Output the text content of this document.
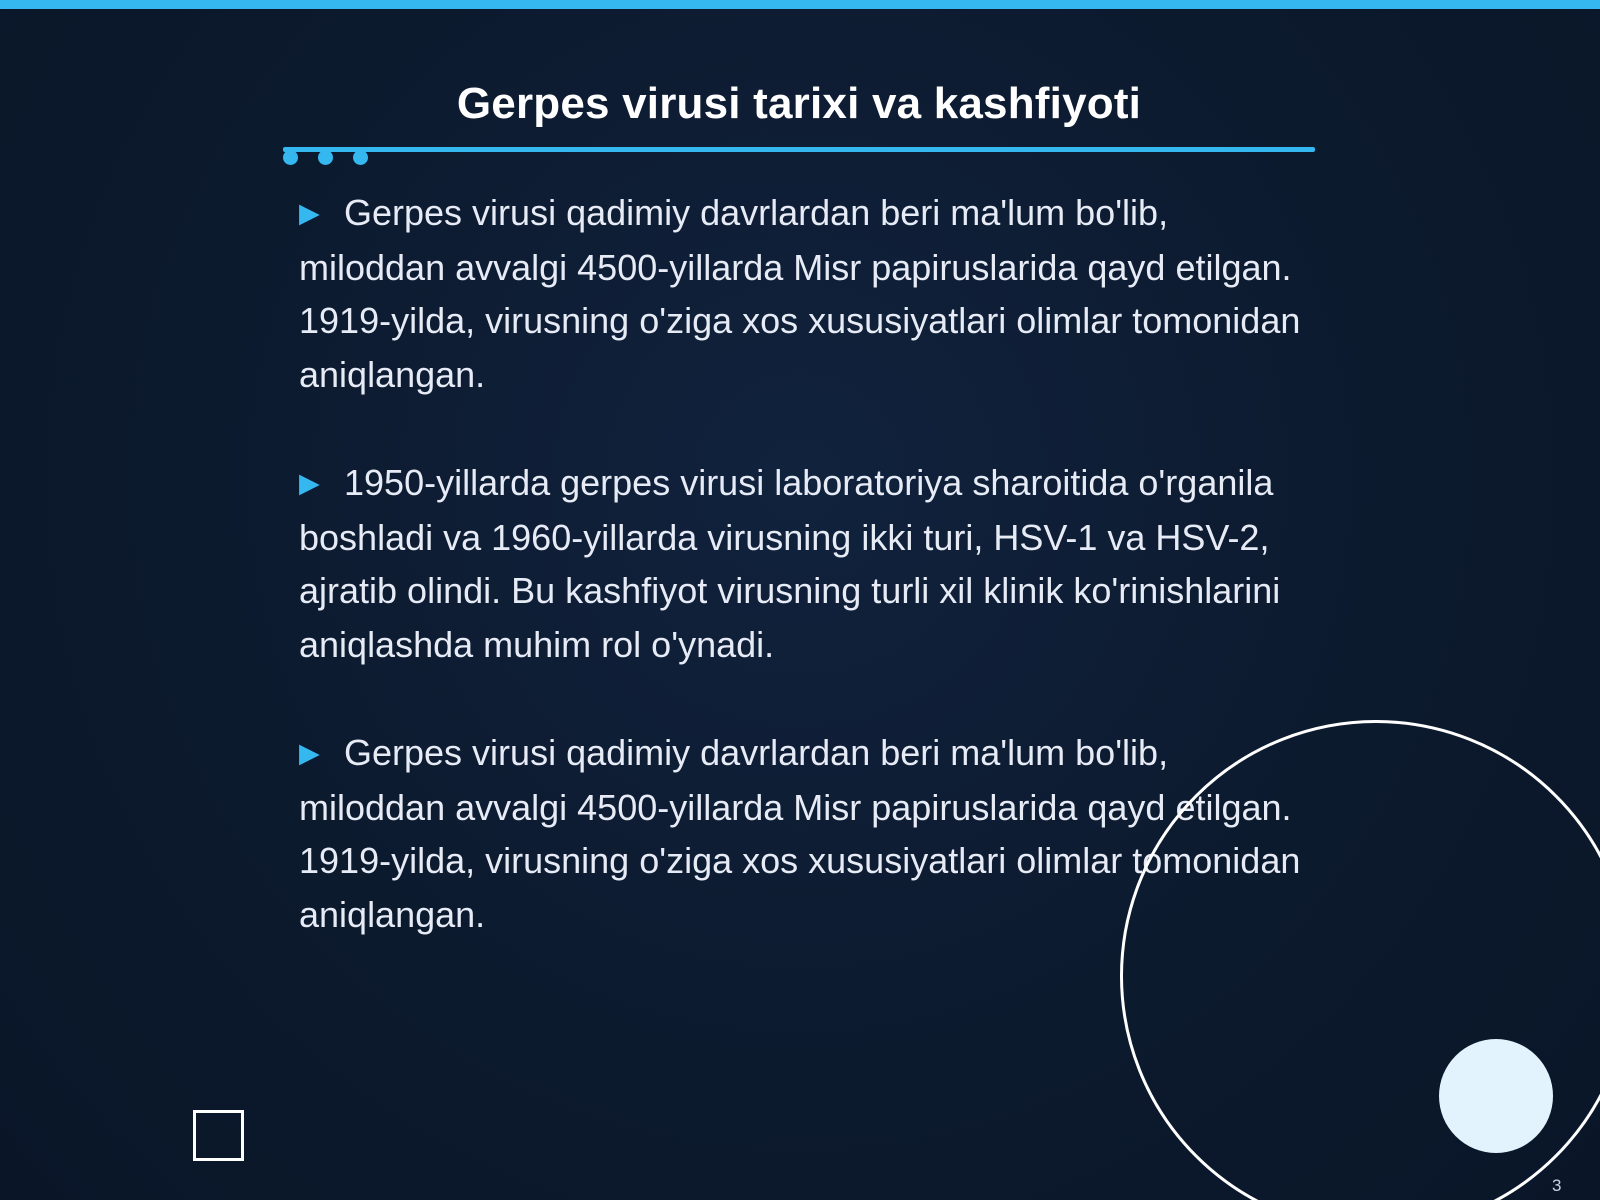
Gerpes virusi tarixi va kashfiyoti

▶ Gerpes virusi qadimiy davrlardan beri ma'lum bo'lib, miloddan avvalgi 4500-yillarda Misr papiruslarida qayd etilgan. 1919-yilda, virusning o'ziga xos xususiyatlari olimlar tomonidan aniqlangan.

▶ 1950-yillarda gerpes virusi laboratoriya sharoitida o'rganila boshladi va 1960-yillarda virusning ikki turi, HSV-1 va HSV-2, ajratib olindi. Bu kashfiyot virusning turli xil klinik ko'rinishlarini aniqlashda muhim rol o'ynadi.

▶ Gerpes virusi qadimiy davrlardan beri ma'lum bo'lib, miloddan avvalgi 4500-yillarda Misr papiruslarida qayd etilgan. 1919-yilda, virusning o'ziga xos xususiyatlari olimlar tomonidan aniqlangan.

3
